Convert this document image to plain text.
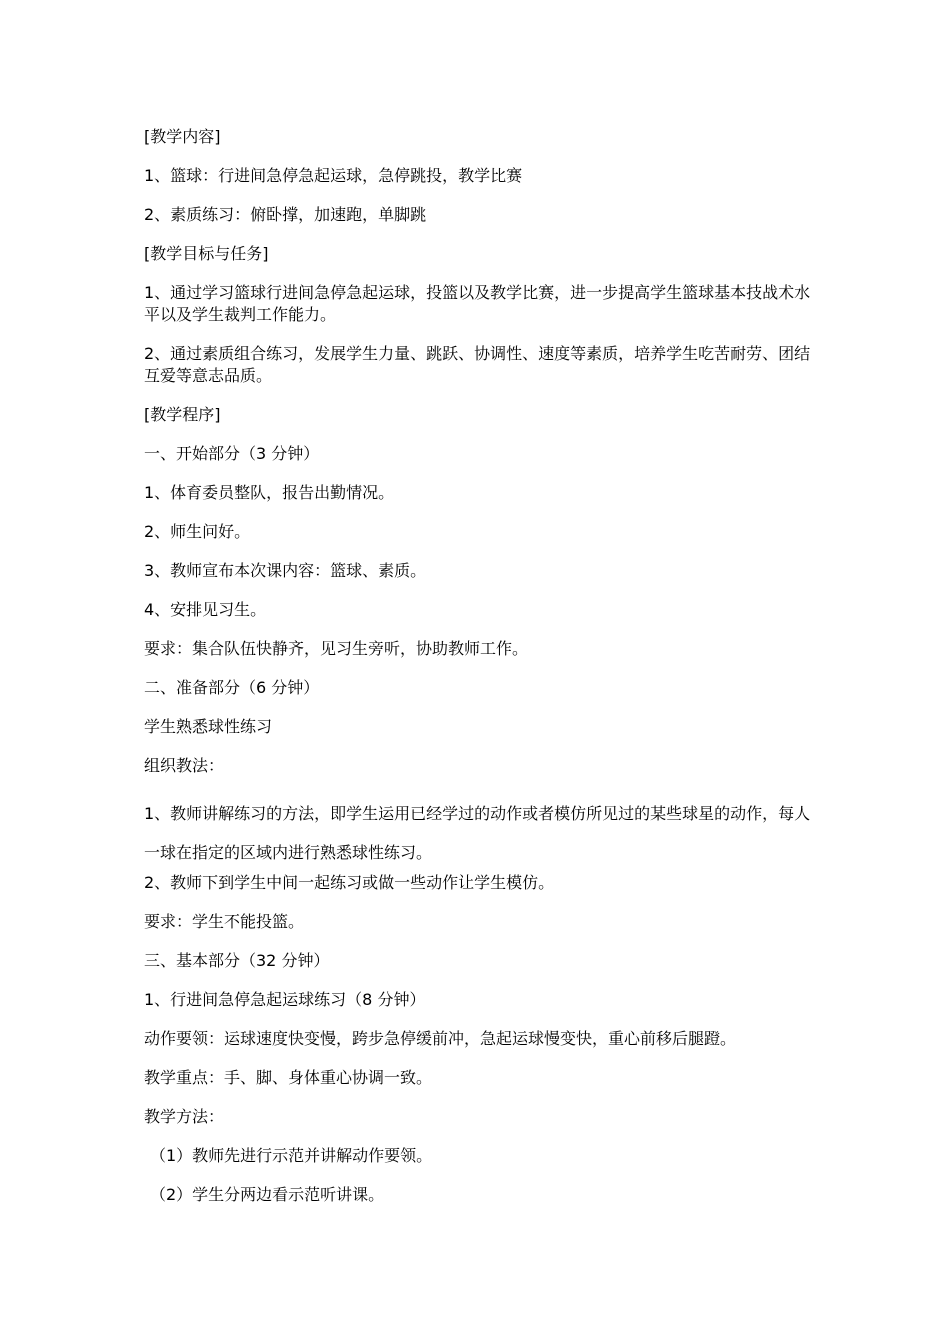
[教学内容]

1、篮球：行进间急停急起运球，急停跳投，教学比赛

2、素质练习：俯卧撑，加速跑，单脚跳

[教学目标与任务]

1、通过学习篮球行进间急停急起运球，投篮以及教学比赛，进一步提高学生篮球基本技战术水平以及学生裁判工作能力。

2、通过素质组合练习，发展学生力量、跳跃、协调性、速度等素质，培养学生吃苦耐劳、团结互爱等意志品质。

[教学程序]

一、开始部分（3 分钟）

1、体育委员整队，报告出勤情况。

2、师生问好。

3、教师宣布本次课内容：篮球、素质。

4、安排见习生。

要求：集合队伍快静齐，见习生旁听，协助教师工作。

二、准备部分（6 分钟）

学生熟悉球性练习

组织教法：

1、教师讲解练习的方法，即学生运用已经学过的动作或者模仿所见过的某些球星的动作，每人一球在指定的区域内进行熟悉球性练习。

2、教师下到学生中间一起练习或做一些动作让学生模仿。

要求：学生不能投篮。

三、基本部分（32 分钟）

1、行进间急停急起运球练习（8 分钟）

动作要领：运球速度快变慢，跨步急停缓前冲，急起运球慢变快，重心前移后腿蹬。

教学重点：手、脚、身体重心协调一致。

教学方法：

（1）教师先进行示范并讲解动作要领。

（2）学生分两边看示范听讲课。
